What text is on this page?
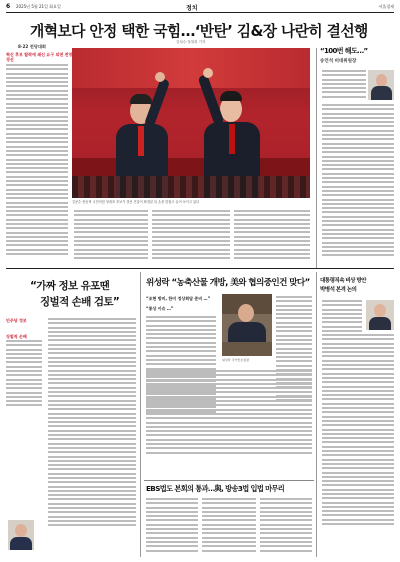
6 2025년 5월 21일 화요일	정치	서울경제
개혁보다 안정 택한 국힘…‘반탄’ 김&장 나란히 결선행
김성수·정철희 기자
8·22 전당대회
혁신 후보 탈락에 쇄신 요구 외면 전망 경선
김문수·장동혁 국민의힘 당대표 후보가 결선 진출이 확정된 뒤 손을 맞잡고 들어 보이고 있다
“100번 해도…”
송언석 비대위원장
“가짜 정보 유포땐
징벌적 손배 검토”
민주당 정보
징벌적 손배
위성락 “농축산물 개방, 美와 협의중인건 맞다”
“조현 방미, 한미 정상회담 준비 …”
“통상 이슈 …”
위성락 국가안보실장
대통령직속 비상 방안
박병석 본격 논의
EBS법도 본회의 통과…與, 방송3법 입법 마무리
